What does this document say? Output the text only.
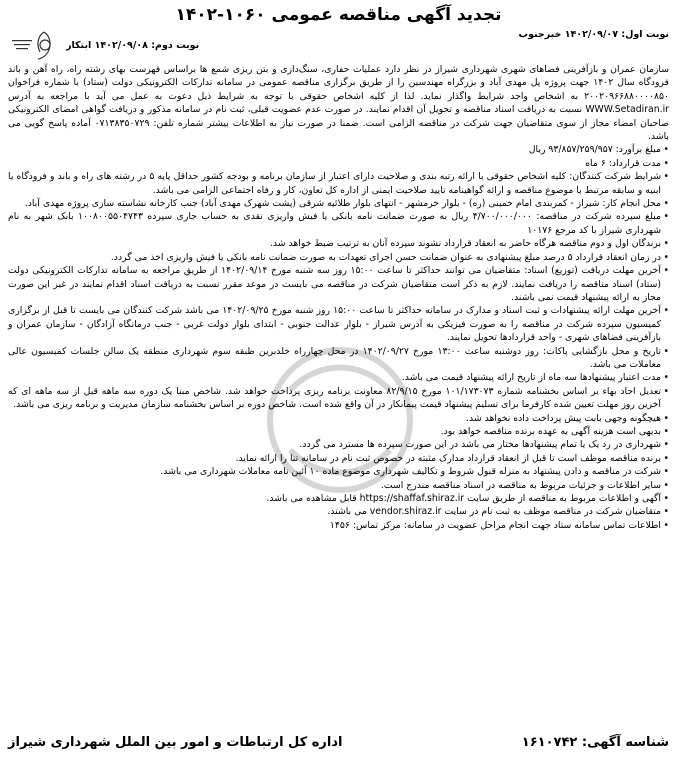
تجدید آگهی مناقصه عمومی ۱۰۶۰-۱۴۰۲
نوبت اول: ۱۴۰۲/۰۹/۰۷ خبرجنوب
نوبت دوم: ۱۴۰۲/۰۹/۰۸ ابتکار

سازمان عمران و بازآفرینی فضاهای شهری شهرداری شیراز در نظر دارد عملیات حفاری، سنگ‌دازی و بتن ریزی شمع ها براساس فهرست بهای رشته راه، راه آهن و باند فرودگاه سال ۱۴۰۲ جهت پروژه پل مهدی آباد و بزرگراه مهندسین را از طریق برگزاری مناقصه عمومی در سامانه تدارکات الکترونیکی دولت (ستاد) با شماره فراخوان ۲۰۰۲۰۹۶۶۸۸۰۰۰۰۸۵۰ به اشخاص واجد شرایط واگذار نماید. لذا از کلیه اشخاص حقوقی با توجه به شرایط ذیل دعوت به عمل می آید با مراجعه به آدرس WWW.Setadiran.ir نسبت به دریافت اسناد مناقصه و تحویل آن اقدام نمایند. در صورت عدم عضویت قبلی، ثبت نام در سامانه مذکور و دریافت گواهی امضای الکترونیکی صاحبان امضاء مجاز از سوی متقاضیان جهت شرکت در مناقصه الزامی است. ضمنا در صورت نیاز به اطلاعات بیشتر شماره تلفن: ۰۷۱۳۸۳۵۰۷۲۹ آماده پاسخ گویی می باشد.

• مبلغ برآورد: ۹۳/۸۵۷/۲۵۹/۹۵۷ ریال
• مدت قرارداد: ۶ ماه
• شرایط شرکت کنندگان: کلیه اشخاص حقوقی با ارائه رتبه بندی و صلاحیت دارای اعتبار از سازمان برنامه و بودجه کشور حداقل پایه ۵ در رشته های راه و باند و فرودگاه یا ابنیه و سابقه مرتبط با موضوع مناقصه و ارائه گواهینامه تایید صلاحیت ایمنی از اداره کل تعاون، کار و رفاه اجتماعی الزامی می باشد.
• محل انجام کار: شیراز - کمربندی امام خمینی (ره) - بلوار خرمشهر - انتهای بلوار طلائیه شرقی (پشت شهرک مهدی آباد) جنب کارخانه نشاسته سازی پروژه مهدی آباد.
• مبلغ سپرده شرکت در مناقصه: ۴/۷۰۰/۰۰۰/۰۰۰ ریال به صورت ضمانت نامه بانکی یا فیش واریزی نقدی به حساب جاری سپرده ۱۰۰۸۰۰۵۵۰۴۷۴۳ بانک شهر به نام شهرداری شیراز با کد مرجع ۱۰۱۷۶
• برندگان اول و دوم مناقصه هرگاه حاضر به انعقاد قرارداد نشوند سپرده آنان به ترتیب ضبط خواهد شد.
• در زمان انعقاد قرارداد ۵ درصد مبلغ پیشنهادی به عنوان ضمانت حسن اجرای تعهدات به صورت ضمانت نامه بانکی یا فیش واریزی اخذ می گردد.
• آخرین مهلت دریافت (توزیع) اسناد: متقاضیان می توانند حداکثر تا ساعت ۱۵:۰۰ روز سه شنبه مورخ ۱۴۰۲/۰۹/۱۴ از طریق مراجعه به سامانه تدارکات الکترونیکی دولت (ستاد) اسناد مناقصه را دریافت نمایند. لازم به ذکر است متقاضیان شرکت در مناقصه می بایست در موعد مقرر نسبت به دریافت اسناد اقدام نمایند در غیر این صورت مجاز به ارائه پیشنهاد قیمت نمی باشند.
• آخرین مهلت ارائه پیشنهادات و ثبت اسناد و مدارک در سامانه حداکثر تا ساعت ۱۵:۰۰ روز شنبه مورخ ۱۴۰۲/۰۹/۲۵ می باشد شرکت کنندگان می بایست تا قبل از برگزاری کمیسیون سپرده شرکت در مناقصه را به صورت فیزیکی به آدرس شیراز - بلوار عدالت جنوبی - ابتدای بلوار دولت غربی - جنب درمانگاه آزادگان - سازمان عمران و بازآفرینی فضاهای شهری - واحد قراردادها تحویل نمایند.
• تاریخ و محل بازگشایی پاکات: روز دوشنبه ساعت ۱۳:۰۰ مورخ ۱۴۰۲/۰۹/۲۷ در محل چهارراه خلدبرین طبقه سوم شهرداری منطقه یک سالن جلسات کمیسیون عالی معاملات می باشد.
• مدت اعتبار پیشنهادها سه ماه از تاریخ ارائه پیشنهاد قیمت می باشد.
• تعدیل احاد بهاء بر اساس بخشنامه شماره ۱۰۱/۱۷۳۰۷۳ مورخ ۸۲/۹/۱۵ معاونت برنامه ریزی پرداخت خواهد شد. شاخص مبنا یک دوره سه ماهه قبل از سه ماهه ای که آخرین روز مهلت تعیین شده کارفرما برای تسلیم پیشنهاد قیمت پیمانکار در آن واقع شده است. شاخص دوره بر اساس بخشنامه سازمان مدیریت و برنامه ریزی می باشد.
• هیچگونه وجهی بابت پیش پرداخت داده نخواهد شد.
• بدیهی است هزینه آگهی به عهده برنده مناقصه خواهد بود.
• شهرداری در رد یک یا تمام پیشنهادها مختار می باشد در این صورت سپرده ها مسترد می گردد.
• برنده مناقصه موظف است تا قبل از انعقاد قرارداد مدارک مثبته در خصوص ثبت نام در سامانه تنا را ارائه نماید.
• شرکت در مناقصه و دادن پیشنهاد به منزله قبول شروط و تکالیف شهرداری موضوع ماده ۱۰ آئین نامه معاملات شهرداری می باشد.
• سایر اطلاعات و جزئیات مربوط به مناقصه در اسناد مناقصه مندرج است.
• آگهی و اطلاعات مربوط به مناقصه از طریق سایت https://shaffaf.shiraz.ir قابل مشاهده می باشد.
• متقاضیان شرکت در مناقصه موظف به ثبت نام در سایت vendor.shiraz.ir می باشند.
• اطلاعات تماس سامانه ستاد جهت انجام مراحل عضویت در سامانه: مرکز تماس: ۱۴۵۶
شناسه آگهی: ۱۶۱۰۷۴۲
اداره کل ارتباطات و امور بین الملل شهرداری شیراز
